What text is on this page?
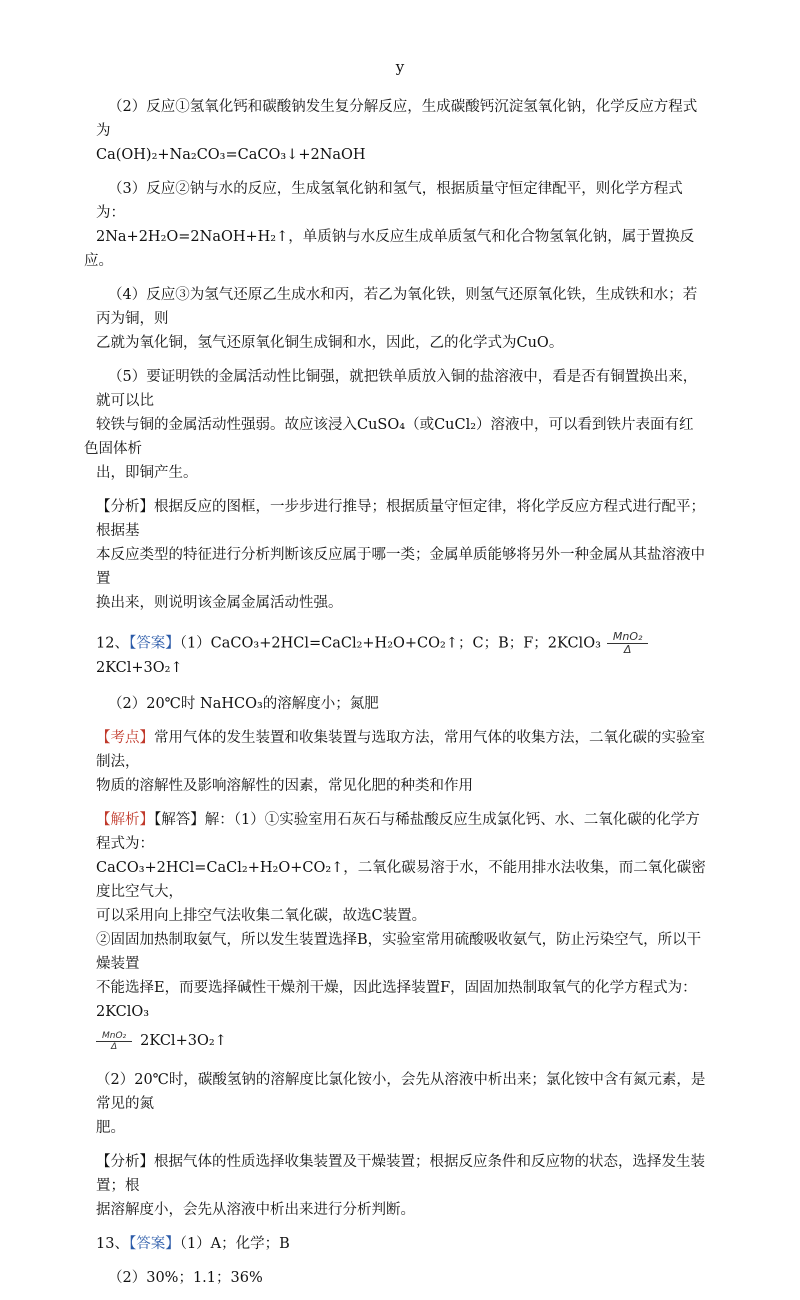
y
（2）反应①氢氧化钙和碳酸钠发生复分解反应，生成碳酸钙沉淀氢氧化钠，化学反应方程式为
Ca(OH)₂+Na₂CO₃=CaCO₃↓+2NaOH
（3）反应②钠与水的反应，生成氢氧化钠和氢气，根据质量守恒定律配平，则化学方程式为：
2Na+2H₂O=2NaOH+H₂↑，单质钠与水反应生成单质氢气和化合物氢氧化钠，属于置换反应。
（4）反应③为氢气还原乙生成水和丙，若乙为氧化铁，则氢气还原氧化铁，生成铁和水；若丙为铜，则
乙就为氧化铜，氢气还原氧化铜生成铜和水，因此，乙的化学式为CuO。
（5）要证明铁的金属活动性比铜强，就把铁单质放入铜的盐溶液中，看是否有铜置换出来，就可以比
较铁与铜的金属活动性强弱。故应该浸入CuSO₄（或CuCl₂）溶液中，可以看到铁片表面有红色固体析
出，即铜产生。
【分析】根据反应的图框，一步步进行推导；根据质量守恒定律，将化学反应方程式进行配平；根据基
本反应类型的特征进行分析判断该反应属于哪一类；金属单质能够将另外一种金属从其盐溶液中置
换出来，则说明该金属金属活动性强。
12、【答案】（1）CaCO₃+2HCl=CaCl₂+H₂O+CO₂↑；C；B；F；2KClO₃ $\frac{\text{MnO₂}}{\Delta}$
2KCl+3O₂↑
（2）20℃时 NaHCO₃的溶解度小；氮肥
【考点】常用气体的发生装置和收集装置与选取方法，常用气体的收集方法，二氧化碳的实验室制法，
物质的溶解性及影响溶解性的因素，常见化肥的种类和作用
【解析】【解答】解：（1）①实验室用石灰石与稀盐酸反应生成氯化钙、水、二氧化碳的化学方程式为：
CaCO₃+2HCl=CaCl₂+H₂O+CO₂↑，二氧化碳易溶于水，不能用排水法收集，而二氧化碳密度比空气大，
可以采用向上排空气法收集二氧化碳，故选C装置。
②固固加热制取氨气，所以发生装置选择B，实验室常用硫酸吸收氨气，防止污染空气，所以干燥装置
不能选择E，而要选择碱性干燥剂干燥，因此选择装置F，固固加热制取氧气的化学方程式为：2KClO₃
$\frac{\text{MnO₂}}{\Delta}$ 2KCl+3O₂↑
（2）20℃时，碳酸氢钠的溶解度比氯化铵小，会先从溶液中析出来；氯化铵中含有氮元素，是常见的氮
肥。
【分析】根据气体的性质选择收集装置及干燥装置；根据反应条件和反应物的状态，选择发生装置；根
据溶解度小，会先从溶液中析出来进行分析判断。
13、【答案】（1）A；化学；B
（2）30%；1.1；36%
